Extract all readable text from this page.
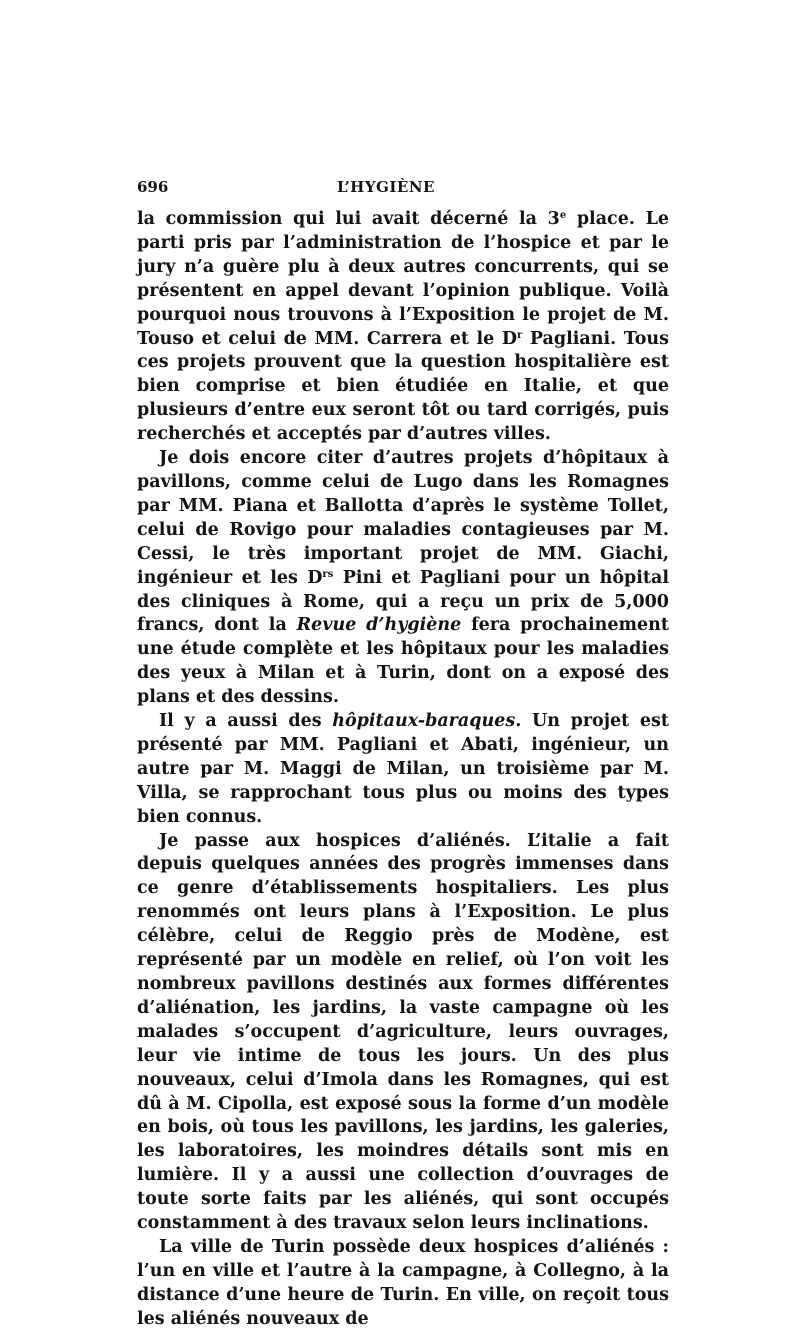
696	L’HYGIÈNE

la commission qui lui avait décerné la 3e place. Le parti pris par l’administration de l’hospice et par le jury n’a guère plu à deux autres concurrents, qui se présentent en appel devant l’opinion publique. Voilà pourquoi nous trouvons à l’Exposition le projet de M. Touso et celui de MM. Carrera et le $D^r$ Pagliani. Tous ces projets prouvent que la question hospitalière est bien comprise et bien étudiée en Italie, et que plusieurs d’entre eux seront tôt ou tard corrigés, puis recherchés et acceptés par d’autres villes.

Je dois encore citer d’autres projets d’hôpitaux à pavillons, comme celui de Lugo dans les Romagnes par MM. Piana et Ballotta d’après le système Tollet, celui de Rovigo pour maladies contagieuses par M. Cessi, le très important projet de MM. Giachi, ingénieur et les $D^{rs}$ Pini et Pagliani pour un hôpital des cliniques à Rome, qui a reçu un prix de 5,000 francs, dont la Revue d’hygiène fera prochainement une étude complète et les hôpitaux pour les maladies des yeux à Milan et à Turin, dont on a exposé des plans et des dessins.

Il y a aussi des hôpitaux-baraques. Un projet est présenté par MM. Pagliani et Abati, ingénieur, un autre par M. Maggi de Milan, un troisième par M. Villa, se rapprochant tous plus ou moins des types bien connus.

Je passe aux hospices d’aliénés. L’italie a fait depuis quelques années des progrès immenses dans ce genre d’établissements hospitaliers. Les plus renommés ont leurs plans à l’Exposition. Le plus célèbre, celui de Reggio près de Modène, est représenté par un modèle en relief, où l’on voit les nombreux pavillons destinés aux formes différentes d’aliénation, les jardins, la vaste campagne où les malades s’occupent d’agriculture, leurs ouvrages, leur vie intime de tous les jours. Un des plus nouveaux, celui d’Imola dans les Romagnes, qui est dû à M. Cipolla, est exposé sous la forme d’un modèle en bois, où tous les pavillons, les jardins, les galeries, les laboratoires, les moindres détails sont mis en lumière. Il y a aussi une collection d’ouvrages de toute sorte faits par les aliénés, qui sont occupés constamment à des travaux selon leurs inclinations.

La ville de Turin possède deux hospices d’aliénés : l’un en ville et l’autre à la campagne, à Collegno, à la distance d’une heure de Turin. En ville, on reçoit tous les aliénés nouveaux de
